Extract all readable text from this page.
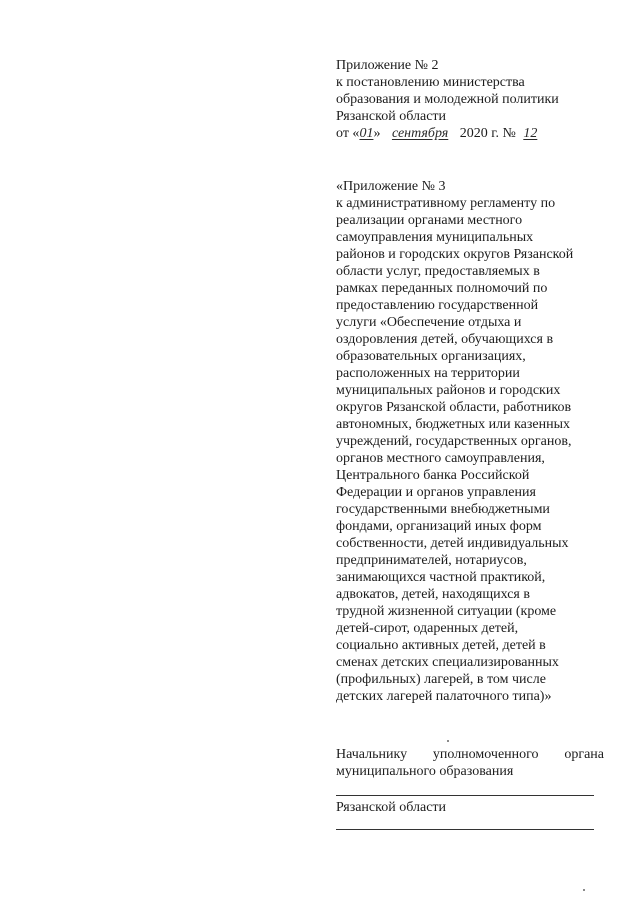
Приложение № 2
к постановлению министерства
образования и молодежной политики
Рязанской области
от «01» сентября 2020 г. № 12
«Приложение № 3
к административному регламенту по
реализации органами местного
самоуправления муниципальных
районов и городских округов Рязанской
области услуг, предоставляемых в
рамках переданных полномочий по
предоставлению государственной
услуги «Обеспечение отдыха и
оздоровления детей, обучающихся в
образовательных организациях,
расположенных на территории
муниципальных районов и городских
округов Рязанской области, работников
автономных, бюджетных или казенных
учреждений, государственных органов,
органов местного самоуправления,
Центрального банка Российской
Федерации и органов управления
государственными внебюджетными
фондами, организаций иных форм
собственности, детей индивидуальных
предпринимателей, нотариусов,
занимающихся частной практикой,
адвокатов, детей, находящихся в
трудной жизненной ситуации (кроме
детей-сирот, одаренных детей,
социально активных детей, детей в
сменах детских специализированных
(профильных) лагерей, в том числе
детских лагерей палаточного типа)»
Начальнику уполномоченного органа
муниципального образования
Рязанской области
